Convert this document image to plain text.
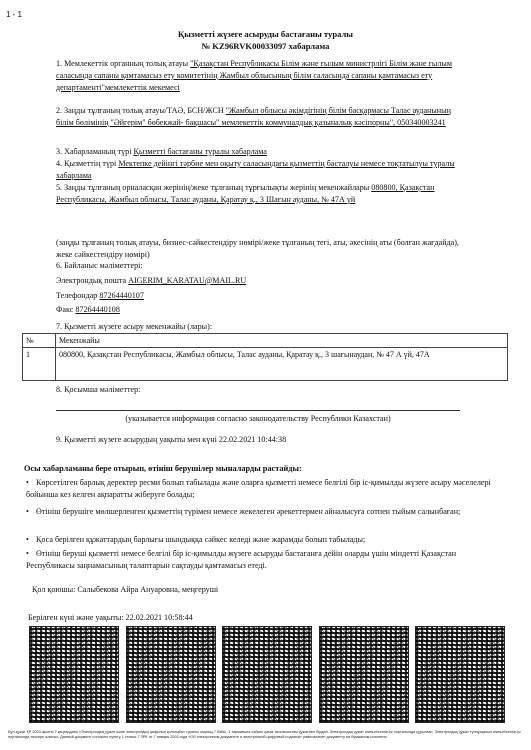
1 - 1
Қызметті жүзеге асыруды бастағаны туралы
№ KZ96RVK00033097 хабарлама
1. Мемлекеттік органның толық атауы "Қазақстан Республикасы Білім және ғылым министрлігі Білім және ғылым саласында сапаны қамтамасыз ету комитетінің Жамбыл облысының білім саласында сапаны қамтамасыз ету департаменті"мемлекеттік мекемесі
2. Заңды тұлғаның толық атауы/ТАӘ, БСН/ЖСН "Жамбыл облысы әкімдігінің білім басқармасы Талас ауданының білім бөлімінің "Әйгерім" бөбекжай- бақшасы" мемлекеттік коммуналдық қазыналық кәсіпорны", 050340003241
3. Хабарламаның түрі Қызметті бастағаны туралы хабарлама
4. Қызметтің түрі Мектепке дейінгі тәрбие мен оқыту саласындағы қызметтің басталуы немесе тоқтатылуы туралы хабарлама
5. Заңды тұлғаның орналасқан жерінің/жеке тұлғаның тұрғылықты жерінің мекенжайлары 080800, Қазақстан Республикасы, Жамбыл облысы, Талас ауданы, Қаратау қ., 3 Шағын ауданы, № 47А үй
(заңды тұлғаның толық атауы, бизнес-сәйкестендіру нөмірі/жеке тұлғаның тегі, аты, әкесінің аты (болған жағдайда), жеке сәйкестендіру нөмірі)
6. Байланыс мәліметтері:
Электрондық пошта AIGERIM_KARATAU@MAIL.RU
Телефондар 87264440107
Факс 87264440108
7. Қызметті жүзеге асыру мекенжайы (лары):
№	Мекенжайы
1	080800, Қазақстан Республикасы, Жамбыл облысы, Талас ауданы, Қаратау қ., 3 шағынаудан, № 47 А үй, 47А
8. Қосымша мәліметтер:
(указывается информация согласно законодательству Республики Казахстан)
9. Қызметті жүзеге асырудың уақыты мен күні 22.02.2021 10:44:38
Осы хабарламаны бере отырып, өтініш берушілер мыналарды растайды:
• Көрсетілген барлық деректер ресми болып табылады және оларға қызметті немесе белгілі бір іс-қимылды жүзеге асыру мәселелері бойынша кез келген ақпаратты жіберуге болады;
• Өтініш берушіге мөлшерленген қызметтің түрімен немесе жекелеген әрекеттермен айналысуға сотпен тыйым салынбаған;
• Қоса берілген құжаттардың барлығы шындыққа сәйкес келеді және жарамды болып табылады;
• Өтініш беруші қызметті немесе белгілі бір іс-қимылды жүзеге асыруды бастағанға дейін оларды үшін міндетті Қазақстан Республикасы заңнамасының талаптарын сақтауды қамтамасыз етеді.
Қол қоюшы: Салыбекова Айра Ануаровна, меңгеруші
Берілген күні және уақыты: 22.02.2021 10:58:44
Бұл құжат ҚР 2003 жылғы 7 қаңтардағы «Электрондық құжат және электрондық цифрлық қолтаңба» туралы заңның 7 бабы, 1 тармағына сәйкес қағаз тасығыштағы құжатпен бірдей. Электрондық құжат www.elicense.kz порталында құрылған. Электрондық құжат түпнұсқасын www.elicense.kz порталында тексере аласыз. Данный документ согласно пункту 1 статьи 7 ЗРК от 7 января 2003 года «Об электронном документе и электронной цифровой подписи» равнозначен документу на бумажном носителе.
